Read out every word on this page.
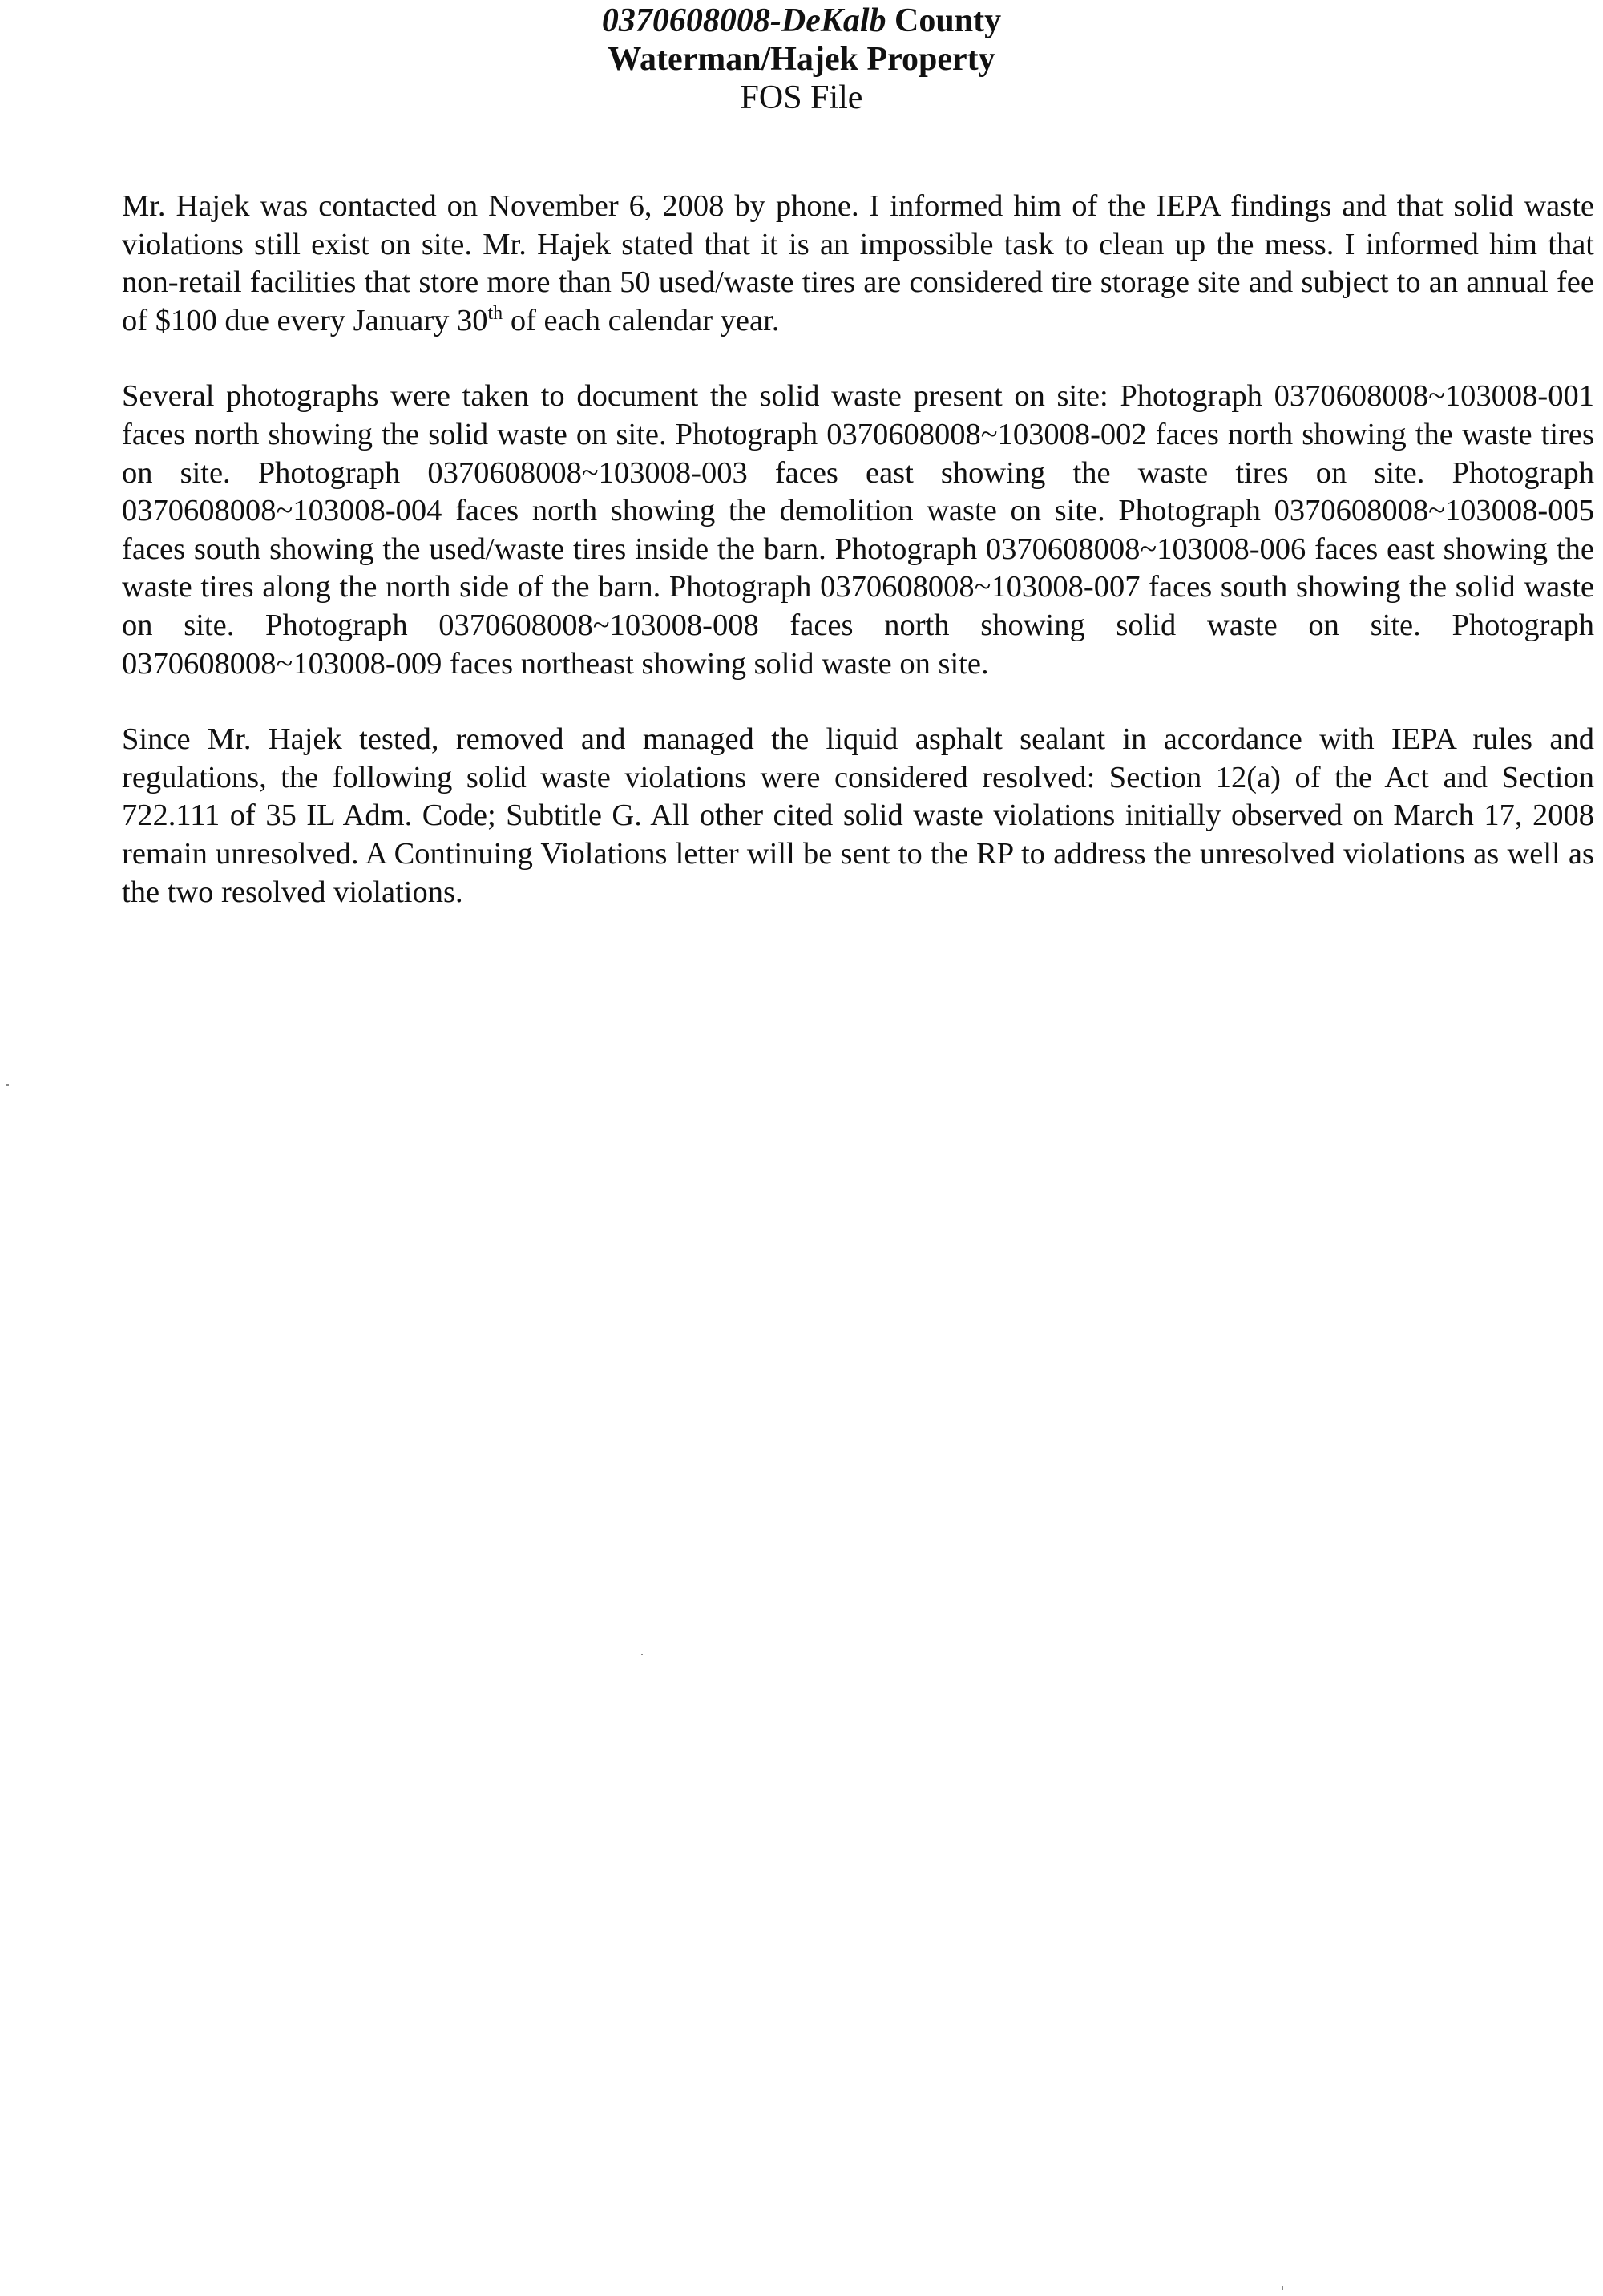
0370608008-DeKalb County
Waterman/Hajek Property
FOS File

Mr. Hajek was contacted on November 6, 2008 by phone. I informed him of the IEPA findings and that solid waste violations still exist on site. Mr. Hajek stated that it is an impossible task to clean up the mess. I informed him that non-retail facilities that store more than 50 used/waste tires are considered tire storage site and subject to an annual fee of $100 due every January 30th of each calendar year.

Several photographs were taken to document the solid waste present on site: Photograph 0370608008~103008-001 faces north showing the solid waste on site. Photograph 0370608008~103008-002 faces north showing the waste tires on site. Photograph 0370608008~103008-003 faces east showing the waste tires on site. Photograph 0370608008~103008-004 faces north showing the demolition waste on site. Photograph 0370608008~103008-005 faces south showing the used/waste tires inside the barn. Photograph 0370608008~103008-006 faces east showing the waste tires along the north side of the barn. Photograph 0370608008~103008-007 faces south showing the solid waste on site. Photograph 0370608008~103008-008 faces north showing solid waste on site. Photograph 0370608008~103008-009 faces northeast showing solid waste on site.

Since Mr. Hajek tested, removed and managed the liquid asphalt sealant in accordance with IEPA rules and regulations, the following solid waste violations were considered resolved: Section 12(a) of the Act and Section 722.111 of 35 IL Adm. Code; Subtitle G. All other cited solid waste violations initially observed on March 17, 2008 remain unresolved. A Continuing Violations letter will be sent to the RP to address the unresolved violations as well as the two resolved violations.
